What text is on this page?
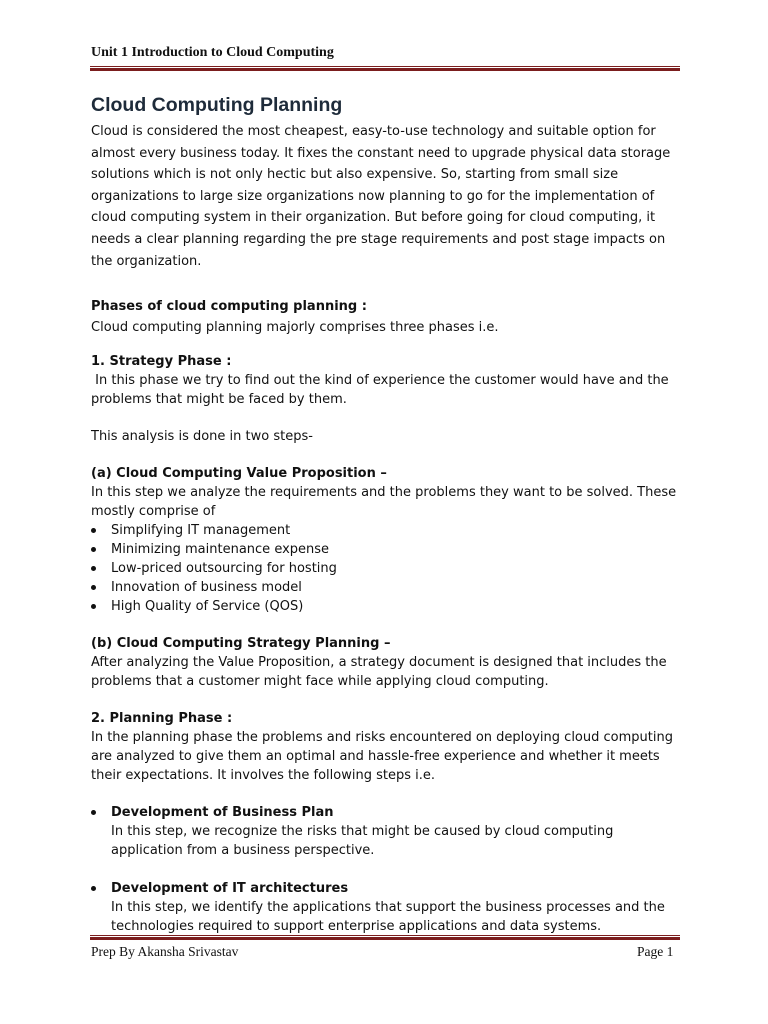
Unit 1 Introduction to Cloud Computing
Cloud Computing Planning

Cloud is considered the most cheapest, easy-to-use technology and suitable option for almost every business today. It fixes the constant need to upgrade physical data storage solutions which is not only hectic but also expensive. So, starting from small size organizations to large size organizations now planning to go for the implementation of cloud computing system in their organization. But before going for cloud computing, it needs a clear planning regarding the pre stage requirements and post stage impacts on the organization.

Phases of cloud computing planning :

Cloud computing planning majorly comprises three phases i.e.

1. Strategy Phase :

In this phase we try to find out the kind of experience the customer would have and the problems that might be faced by them.

This analysis is done in two steps-

(a) Cloud Computing Value Proposition –

In this step we analyze the requirements and the problems they want to be solved. These mostly comprise of

Simplifying IT management
Minimizing maintenance expense
Low-priced outsourcing for hosting
Innovation of business model
High Quality of Service (QOS)

(b) Cloud Computing Strategy Planning –

After analyzing the Value Proposition, a strategy document is designed that includes the problems that a customer might face while applying cloud computing.

2. Planning Phase :

In the planning phase the problems and risks encountered on deploying cloud computing are analyzed to give them an optimal and hassle-free experience and whether it meets their expectations. It involves the following steps i.e.

Development of Business Plan
In this step, we recognize the risks that might be caused by cloud computing application from a business perspective.
Development of IT architectures
In this step, we identify the applications that support the business processes and the technologies required to support enterprise applications and data systems.
Prep By Akansha Srivastav	Page 1
